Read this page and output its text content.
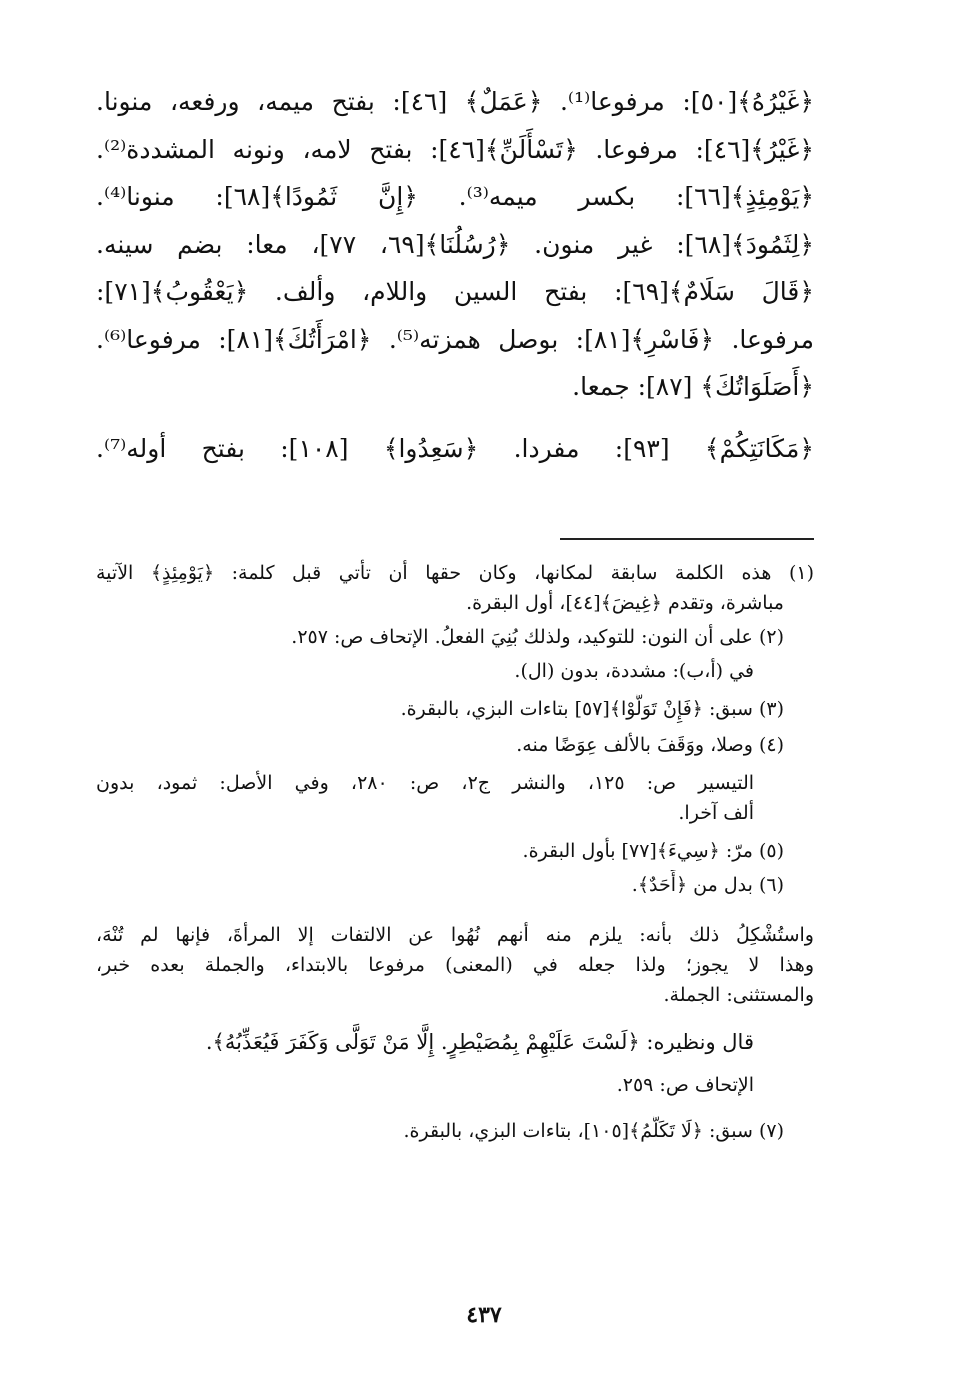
﴿غَيْرُهُ﴾[٥٠]: مرفوعا⁽¹⁾. ﴿عَمَلٌ﴾ [٤٦]: بفتح ميمه، ورفعه، منونا.
﴿غَيْرُ﴾[٤٦]: مرفوعا. ﴿تَسْأَلَنِّ﴾[٤٦]: بفتح لامه، ونونه المشددة⁽²⁾.
﴿يَوْمِئِذٍ﴾[٦٦]: بكسر ميمه⁽³⁾. ﴿إِنَّ ثَمُودًا﴾[٦٨]: منونا⁽⁴⁾.
﴿لِثَمُودَ﴾[٦٨]: غير منون. ﴿رُسُلُنَا﴾[٦٩، ٧٧]، معا: بضم سينه.
﴿قَالَ سَلَامٌ﴾[٦٩]: بفتح السين واللام، وألف. ﴿يَعْقُوبُ﴾[٧١]:
مرفوعا. ﴿فَاسْرِ﴾[٨١]: بوصل همزته⁽⁵⁾. ﴿امْرَأَتُكَ﴾[٨١]: مرفوعا⁽⁶⁾.
﴿أَصَلَوَاتُكَ﴾ [٨٧]: جمعا.
﴿مَكَانَتِكُمْ﴾ [٩٣]: مفردا. ﴿سَعِدُوا﴾ [١٠٨]: بفتح أوله⁽⁷⁾.
(١) هذه الكلمة سابقة لمكانها، وكان حقها أن تأتي قبل كلمة: ﴿يَوْمِئِذٍ﴾ الآتية
مباشرة، وتقدم ﴿غِيضَ﴾[٤٤]، أول البقرة.
(٢) على أن النون: للتوكيد، ولذلك بُنِيَ الفعلُ. الإتحاف ص: ٢٥٧.
في (أ،ب): مشددة، بدون (ال).
(٣) سبق: ﴿فَإِنْ تَوَلَّوْا﴾[٥٧] بتاءات البزي، بالبقرة.
(٤) وصلا، ووَقَفَ بالألف عِوَضًا منه.
التيسير ص: ١٢٥، والنشر ج٢، ص: ٢٨٠، وفي الأصل: ثمود، بدون
ألف آخرا.
(٥) مرّ: ﴿سِيءَ﴾[٧٧] بأول البقرة.
(٦) بدل من ﴿أَحَدٌ﴾.
واستُشْكِلُ ذلك بأنه: يلزم منه أنهم نُهُوا عن الالتفات إلا المرأةَ، فإنها لم تُنْهَ،
وهذا لا يجوز؛ ولذا جعله في (المعنى) مرفوعا بالابتداء، والجملة بعده خبر،
والمستثنى: الجملة.
قال ونظيره: ﴿لَسْتَ عَلَيْهِمْ بِمُصَيْطِرٍ. إِلَّا مَنْ تَوَلَّى وَكَفَرَ فَيُعَذِّبُهُ﴾.
الإتحاف ص: ٢٥٩.
(٧) سبق: ﴿لَا تَكَلَّمُ﴾[١٠٥]، بتاءات البزي، بالبقرة.
٤٣٧
